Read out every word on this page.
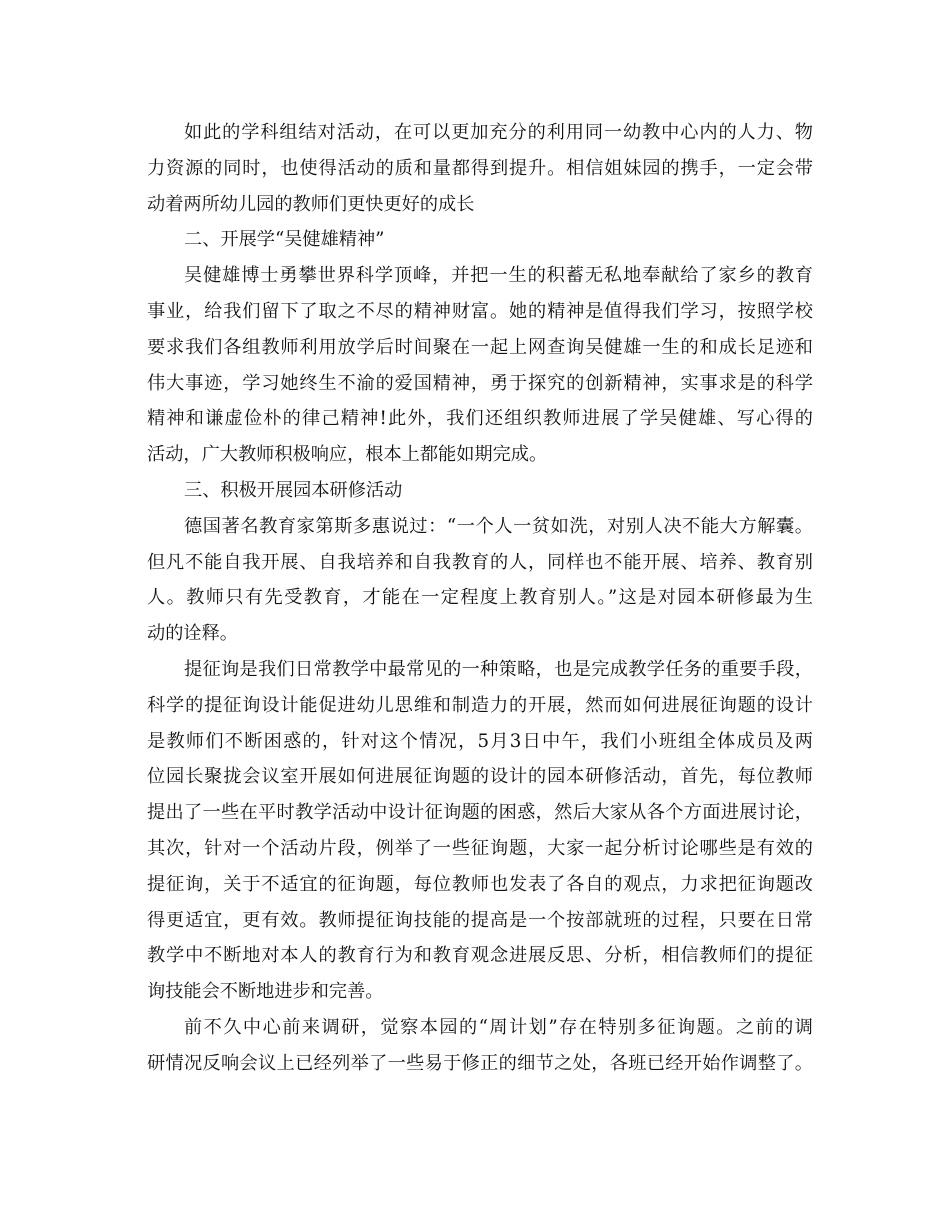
如此的学科组结对活动，在可以更加充分的利用同一幼教中心内的人力、物
力资源的同时，也使得活动的质和量都得到提升。相信姐妹园的携手，一定会带
动着两所幼儿园的教师们更快更好的成长

二、开展学“吴健雄精神”

吴健雄博士勇攀世界科学顶峰，并把一生的积蓄无私地奉献给了家乡的教育
事业，给我们留下了取之不尽的精神财富。她的精神是值得我们学习，按照学校
要求我们各组教师利用放学后时间聚在一起上网查询吴健雄一生的和成长足迹和
伟大事迹，学习她终生不渝的爱国精神，勇于探究的创新精神，实事求是的科学
精神和谦虚俭朴的律己精神!此外，我们还组织教师进展了学吴健雄、写心得的
活动，广大教师积极响应，根本上都能如期完成。

三、积极开展园本研修活动

德国著名教育家第斯多惠说过：“一个人一贫如洗，对别人决不能大方解囊。
但凡不能自我开展、自我培养和自我教育的人，同样也不能开展、培养、教育别
人。教师只有先受教育，才能在一定程度上教育别人。”这是对园本研修最为生
动的诠释。

提征询是我们日常教学中最常见的一种策略，也是完成教学任务的重要手段，
科学的提征询设计能促进幼儿思维和制造力的开展，然而如何进展征询题的设计
是教师们不断困惑的，针对这个情况，5月3日中午，我们小班组全体成员及两
位园长聚拢会议室开展如何进展征询题的设计的园本研修活动，首先，每位教师
提出了一些在平时教学活动中设计征询题的困惑，然后大家从各个方面进展讨论，
其次，针对一个活动片段，例举了一些征询题，大家一起分析讨论哪些是有效的
提征询，关于不适宜的征询题，每位教师也发表了各自的观点，力求把征询题改
得更适宜，更有效。教师提征询技能的提高是一个按部就班的过程，只要在日常
教学中不断地对本人的教育行为和教育观念进展反思、分析，相信教师们的提征
询技能会不断地进步和完善。

前不久中心前来调研，觉察本园的“周计划”存在特别多征询题。之前的调
研情况反响会议上已经列举了一些易于修正的细节之处，各班已经开始作调整了。
